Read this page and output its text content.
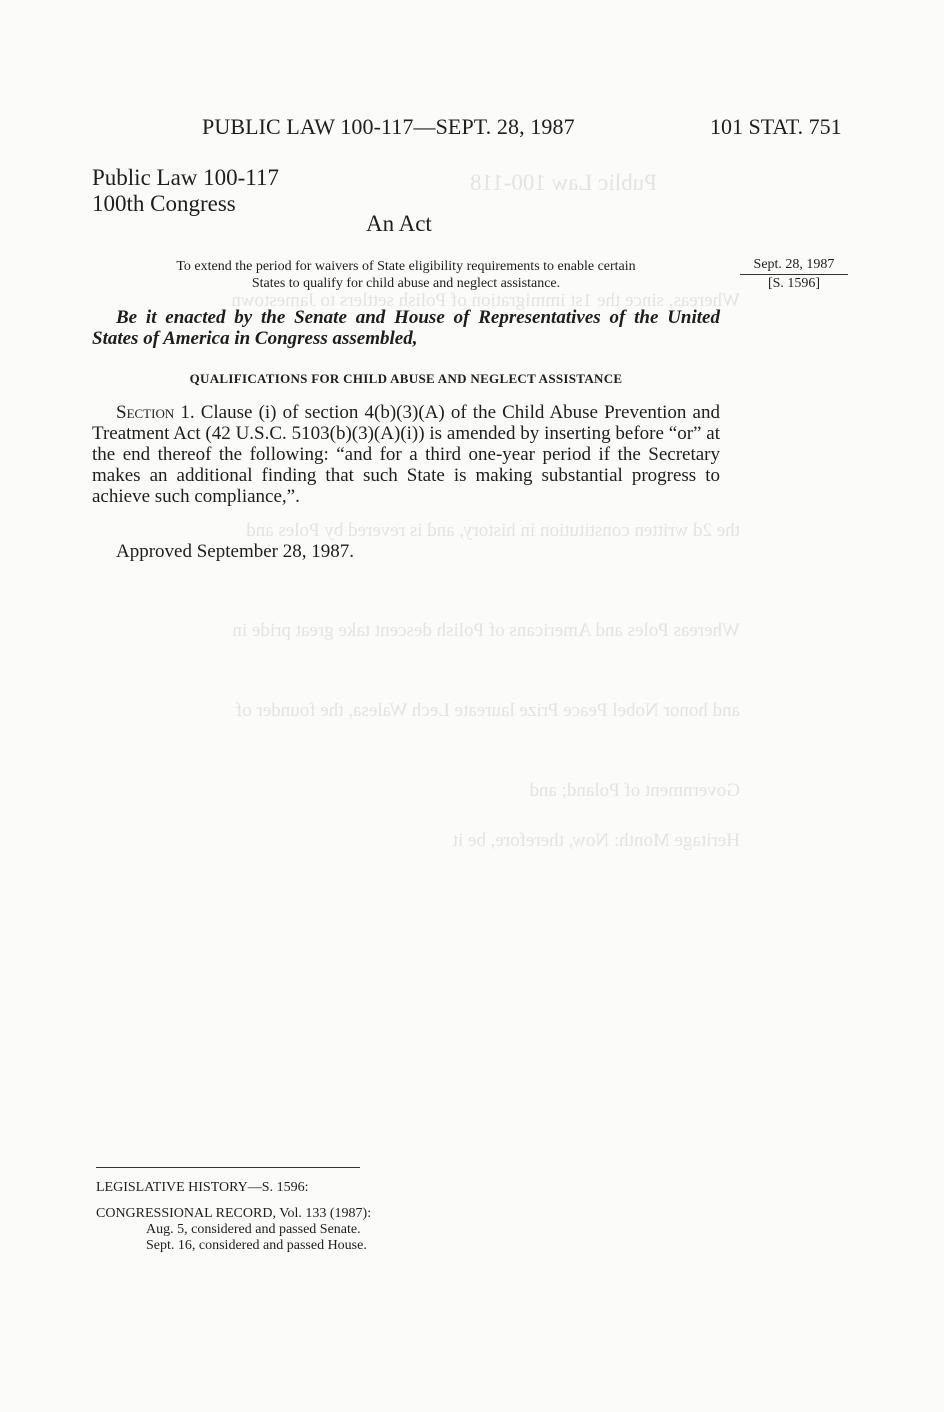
Public Law 100-118
Whereas, since the 1st immigration of Polish settlers to Jamestown
the 2d written constitution in history, and is revered by Poles and
Whereas Poles and Americans of Polish descent take great pride in
and honor Nobel Peace Prize laureate Lech Walesa, the founder of
Government of Poland; and
Heritage Month: Now, therefore, be it
PUBLIC LAW 100-117—SEPT. 28, 1987	101 STAT. 751
Public Law 100-117
100th Congress
An Act
To extend the period for waivers of State eligibility requirements to enable certain
States to qualify for child abuse and neglect assistance.
Sept. 28, 1987
[S. 1596]
Be it enacted by the Senate and House of Representatives of the United States of America in Congress assembled,
QUALIFICATIONS FOR CHILD ABUSE AND NEGLECT ASSISTANCE
Section 1. Clause (i) of section 4(b)(3)(A) of the Child Abuse Prevention and Treatment Act (42 U.S.C. 5103(b)(3)(A)(i)) is amended by inserting before “or” at the end thereof the following: “and for a third one-year period if the Secretary makes an additional finding that such State is making substantial progress to achieve such compliance,”.
Approved September 28, 1987.
LEGISLATIVE HISTORY—S. 1596:
CONGRESSIONAL RECORD, Vol. 133 (1987):
Aug. 5, considered and passed Senate.
Sept. 16, considered and passed House.
